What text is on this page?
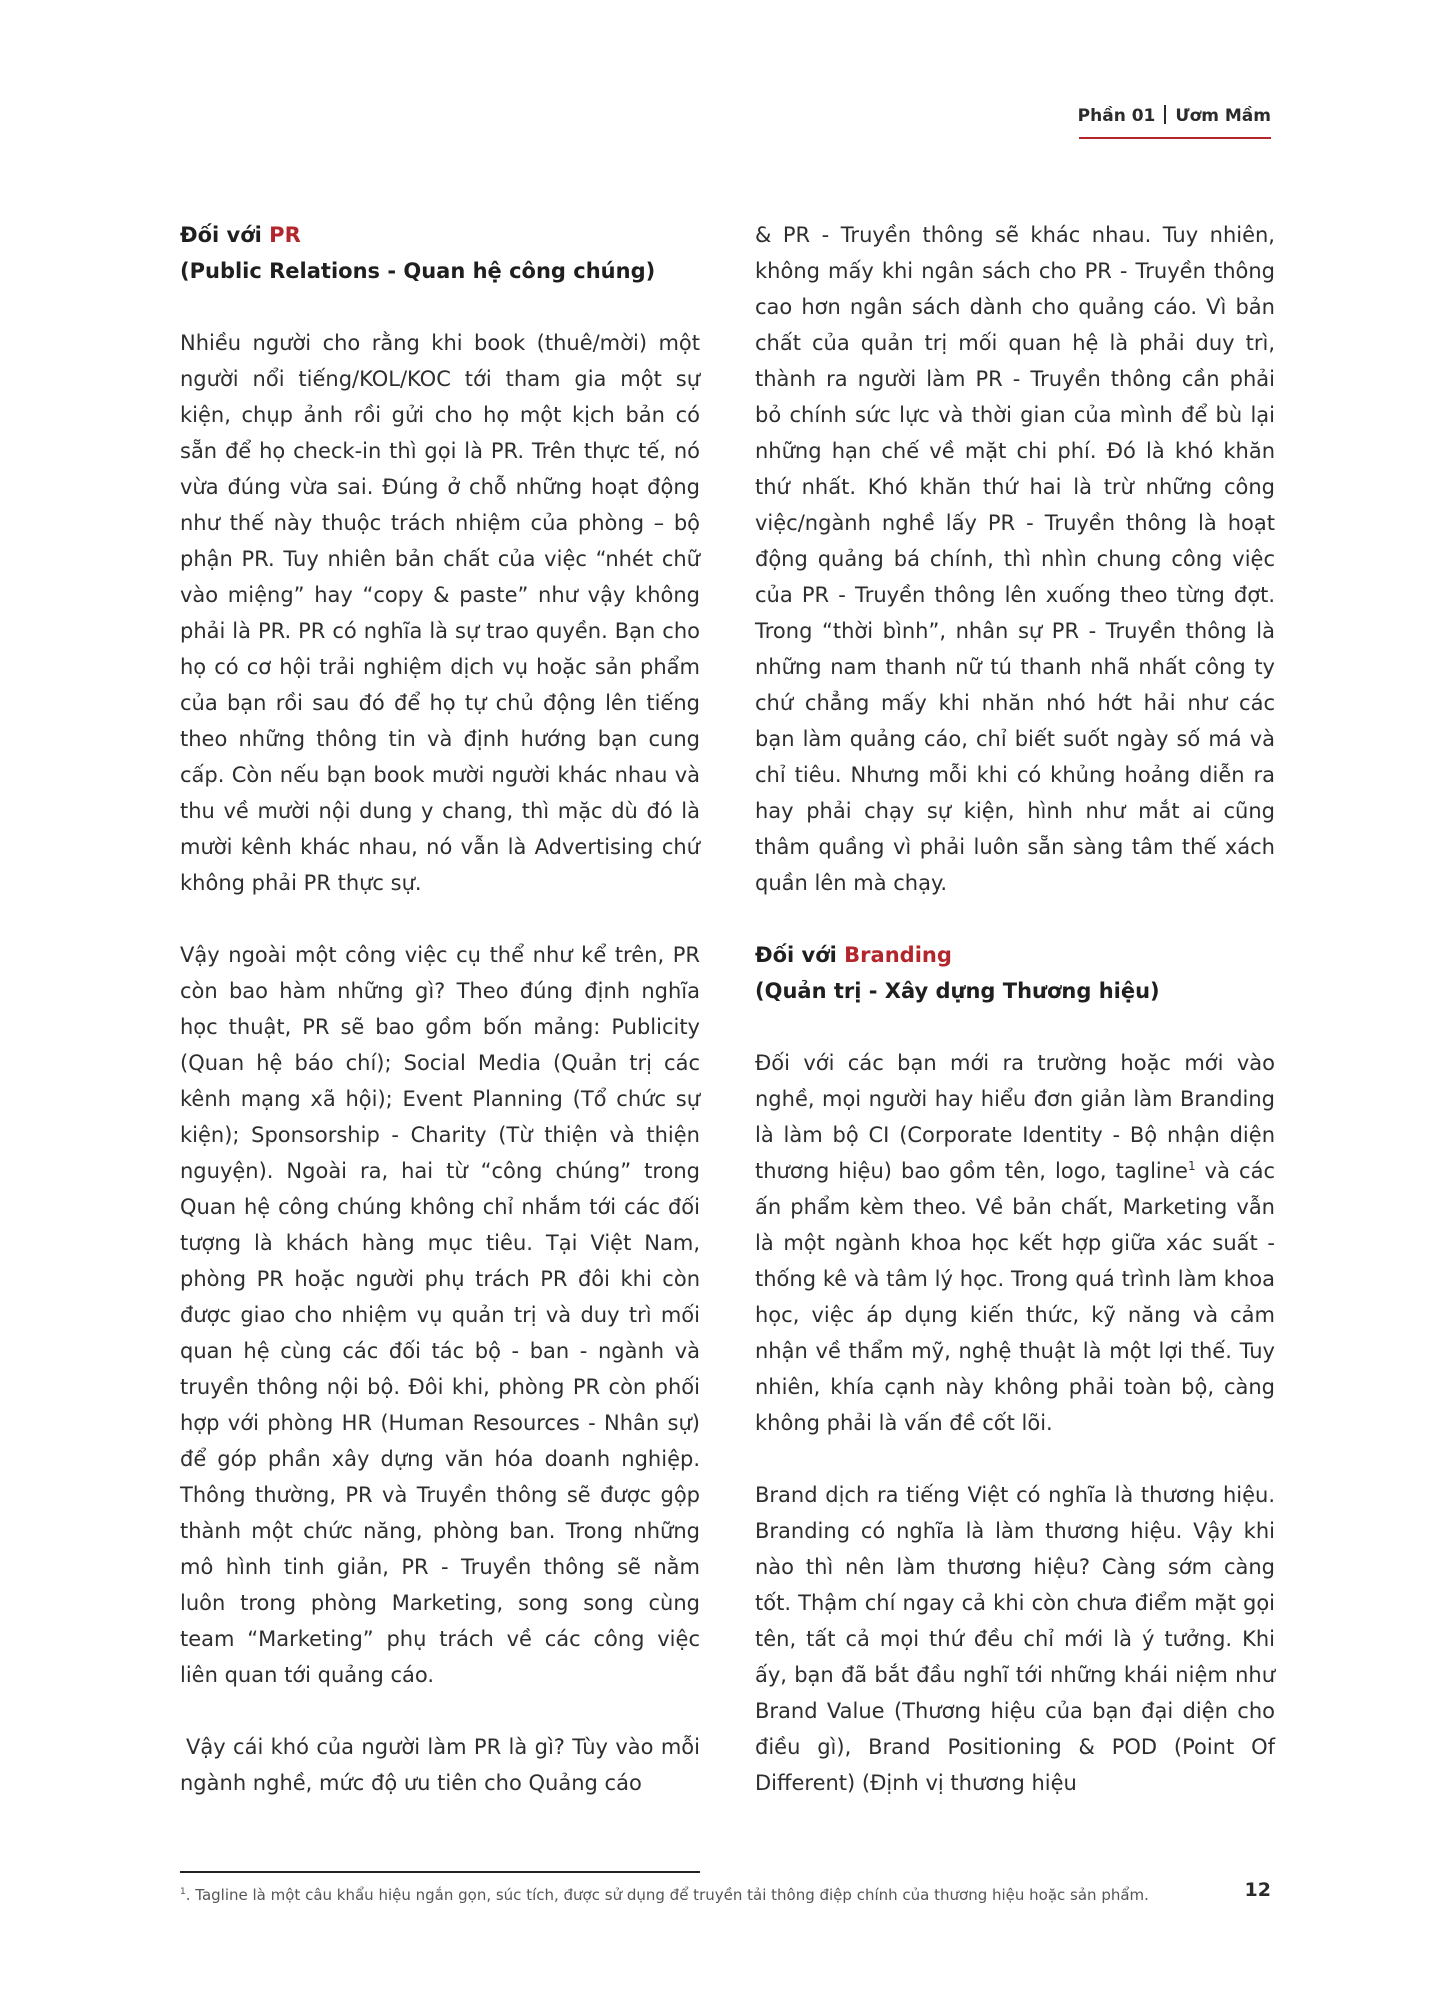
Phần 01 Ươm Mầm

Đối với PR

(Public Relations - Quan hệ công chúng)

Nhiều người cho rằng khi book (thuê/mời) một người nổi tiếng/KOL/KOC tới tham gia một sự kiện, chụp ảnh rồi gửi cho họ một kịch bản có sẵn để họ check-in thì gọi là PR. Trên thực tế, nó vừa đúng vừa sai. Đúng ở chỗ những hoạt động như thế này thuộc trách nhiệm của phòng – bộ phận PR. Tuy nhiên bản chất của việc “nhét chữ vào miệng” hay “copy & paste” như vậy không phải là PR. PR có nghĩa là sự trao quyền. Bạn cho họ có cơ hội trải nghiệm dịch vụ hoặc sản phẩm của bạn rồi sau đó để họ tự chủ động lên tiếng theo những thông tin và định hướng bạn cung cấp. Còn nếu bạn book mười người khác nhau và thu về mười nội dung y chang, thì mặc dù đó là mười kênh khác nhau, nó vẫn là Advertising chứ không phải PR thực sự.

Vậy ngoài một công việc cụ thể như kể trên, PR còn bao hàm những gì? Theo đúng định nghĩa học thuật, PR sẽ bao gồm bốn mảng: Publicity (Quan hệ báo chí); Social Media (Quản trị các kênh mạng xã hội); Event Planning (Tổ chức sự kiện); Sponsorship - Charity (Từ thiện và thiện nguyện). Ngoài ra, hai từ “công chúng” trong Quan hệ công chúng không chỉ nhắm tới các đối tượng là khách hàng mục tiêu. Tại Việt Nam, phòng PR hoặc người phụ trách PR đôi khi còn được giao cho nhiệm vụ quản trị và duy trì mối quan hệ cùng các đối tác bộ - ban - ngành và truyền thông nội bộ. Đôi khi, phòng PR còn phối hợp với phòng HR (Human Resources - Nhân sự) để góp phần xây dựng văn hóa doanh nghiệp. Thông thường, PR và Truyền thông sẽ được gộp thành một chức năng, phòng ban. Trong những mô hình tinh giản, PR - Truyền thông sẽ nằm luôn trong phòng Marketing, song song cùng team “Marketing” phụ trách về các công việc liên quan tới quảng cáo.

Vậy cái khó của người làm PR là gì? Tùy vào mỗi ngành nghề, mức độ ưu tiên cho Quảng cáo

& PR - Truyền thông sẽ khác nhau. Tuy nhiên, không mấy khi ngân sách cho PR - Truyền thông cao hơn ngân sách dành cho quảng cáo. Vì bản chất của quản trị mối quan hệ là phải duy trì, thành ra người làm PR - Truyền thông cần phải bỏ chính sức lực và thời gian của mình để bù lại những hạn chế về mặt chi phí. Đó là khó khăn thứ nhất. Khó khăn thứ hai là trừ những công việc/ngành nghề lấy PR - Truyền thông là hoạt động quảng bá chính, thì nhìn chung công việc của PR - Truyền thông lên xuống theo từng đợt. Trong “thời bình”, nhân sự PR - Truyền thông là những nam thanh nữ tú thanh nhã nhất công ty chứ chẳng mấy khi nhăn nhó hớt hải như các bạn làm quảng cáo, chỉ biết suốt ngày số má và chỉ tiêu. Nhưng mỗi khi có khủng hoảng diễn ra hay phải chạy sự kiện, hình như mắt ai cũng thâm quầng vì phải luôn sẵn sàng tâm thế xách quần lên mà chạy.

Đối với Branding

(Quản trị - Xây dựng Thương hiệu)

Đối với các bạn mới ra trường hoặc mới vào nghề, mọi người hay hiểu đơn giản làm Branding là làm bộ CI (Corporate Identity - Bộ nhận diện thương hiệu) bao gồm tên, logo, tagline$^1$ và các ấn phẩm kèm theo. Về bản chất, Marketing vẫn là một ngành khoa học kết hợp giữa xác suất - thống kê và tâm lý học. Trong quá trình làm khoa học, việc áp dụng kiến thức, kỹ năng và cảm nhận về thẩm mỹ, nghệ thuật là một lợi thế. Tuy nhiên, khía cạnh này không phải toàn bộ, càng không phải là vấn đề cốt lõi.

Brand dịch ra tiếng Việt có nghĩa là thương hiệu. Branding có nghĩa là làm thương hiệu. Vậy khi nào thì nên làm thương hiệu? Càng sớm càng tốt. Thậm chí ngay cả khi còn chưa điểm mặt gọi tên, tất cả mọi thứ đều chỉ mới là ý tưởng. Khi ấy, bạn đã bắt đầu nghĩ tới những khái niệm như Brand Value (Thương hiệu của bạn đại diện cho điều gì), Brand Positioning & POD (Point Of Different) (Định vị thương hiệu

$^1$. Tagline là một câu khẩu hiệu ngắn gọn, súc tích, được sử dụng để truyền tải thông điệp chính của thương hiệu hoặc sản phẩm.	12
